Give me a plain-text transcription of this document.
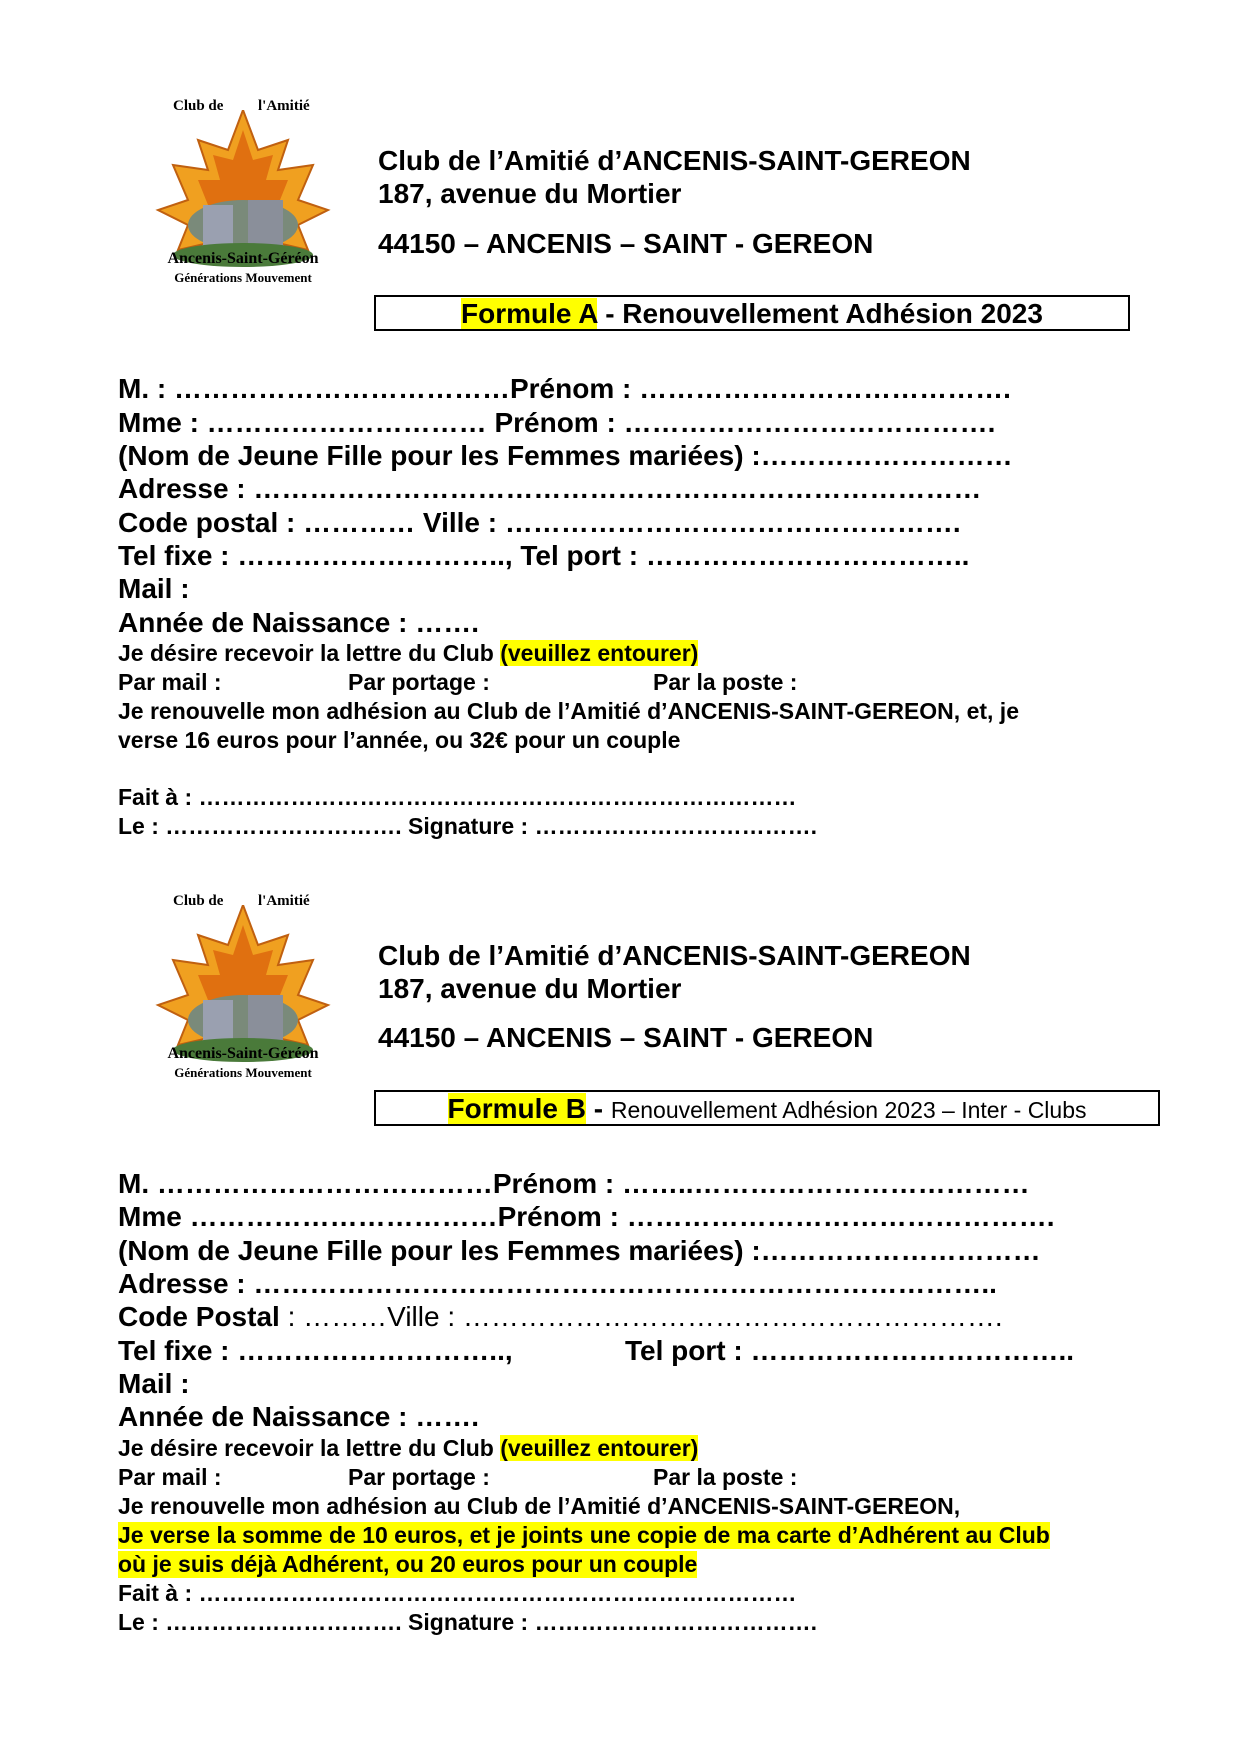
Club de l'Amitié
Ancenis-Saint-Géréon
Générations Mouvement
Club de l’Amitié d’ANCENIS-SAINT-GEREON
187, avenue du Mortier
44150 – ANCENIS – SAINT - GEREON
Formule A - Renouvellement Adhésion 2023
M. : ………………………………Prénom : ………………………………….
Mme : ………………………… Prénom : ………………………………….
(Nom de Jeune Fille pour les Femmes mariées) :………………………
Adresse : ……………………………………………………………………
Code postal : ………… Ville : ………………………………………….
Tel fixe : ……………………….., Tel port : ……………………………..
Mail :
Année de Naissance : …….
Je désire recevoir la lettre du Club (veuillez entourer)
Par mail :	Par portage :	Par la poste :
Je renouvelle mon adhésion au Club de l’Amitié d’ANCENIS-SAINT-GEREON, et, je
verse 16 euros pour l’année, ou 32€ pour un couple
Fait à : ……………………………………………………………………
Le : …………………………. Signature : ……………………………….
Club de l'Amitié
Ancenis-Saint-Géréon
Générations Mouvement
Club de l’Amitié d’ANCENIS-SAINT-GEREON
187, avenue du Mortier
44150 – ANCENIS – SAINT - GEREON
Formule B - Renouvellement Adhésion 2023 – Inter - Clubs
M. ………………………………Prénom : ……..………………………………
Mme ……………………………Prénom : ……………………………………….
(Nom de Jeune Fille pour les Femmes mariées) :…………………………
Adresse : ……………………………………………………………………..
Code Postal : ………Ville : ………………………………………………….
Tel fixe : ………………………..,	Tel port : ……………………………..
Mail :
Année de Naissance : …….
Je désire recevoir la lettre du Club (veuillez entourer)
Par mail :	Par portage :	Par la poste :
Je renouvelle mon adhésion au Club de l’Amitié d’ANCENIS-SAINT-GEREON,
Je verse la somme de 10 euros, et je joints une copie de ma carte d’Adhérent au Club
où je suis déjà Adhérent, ou 20 euros pour un couple
Fait à : ……………………………………………………………………
Le : …………………………. Signature : ……………………………….
